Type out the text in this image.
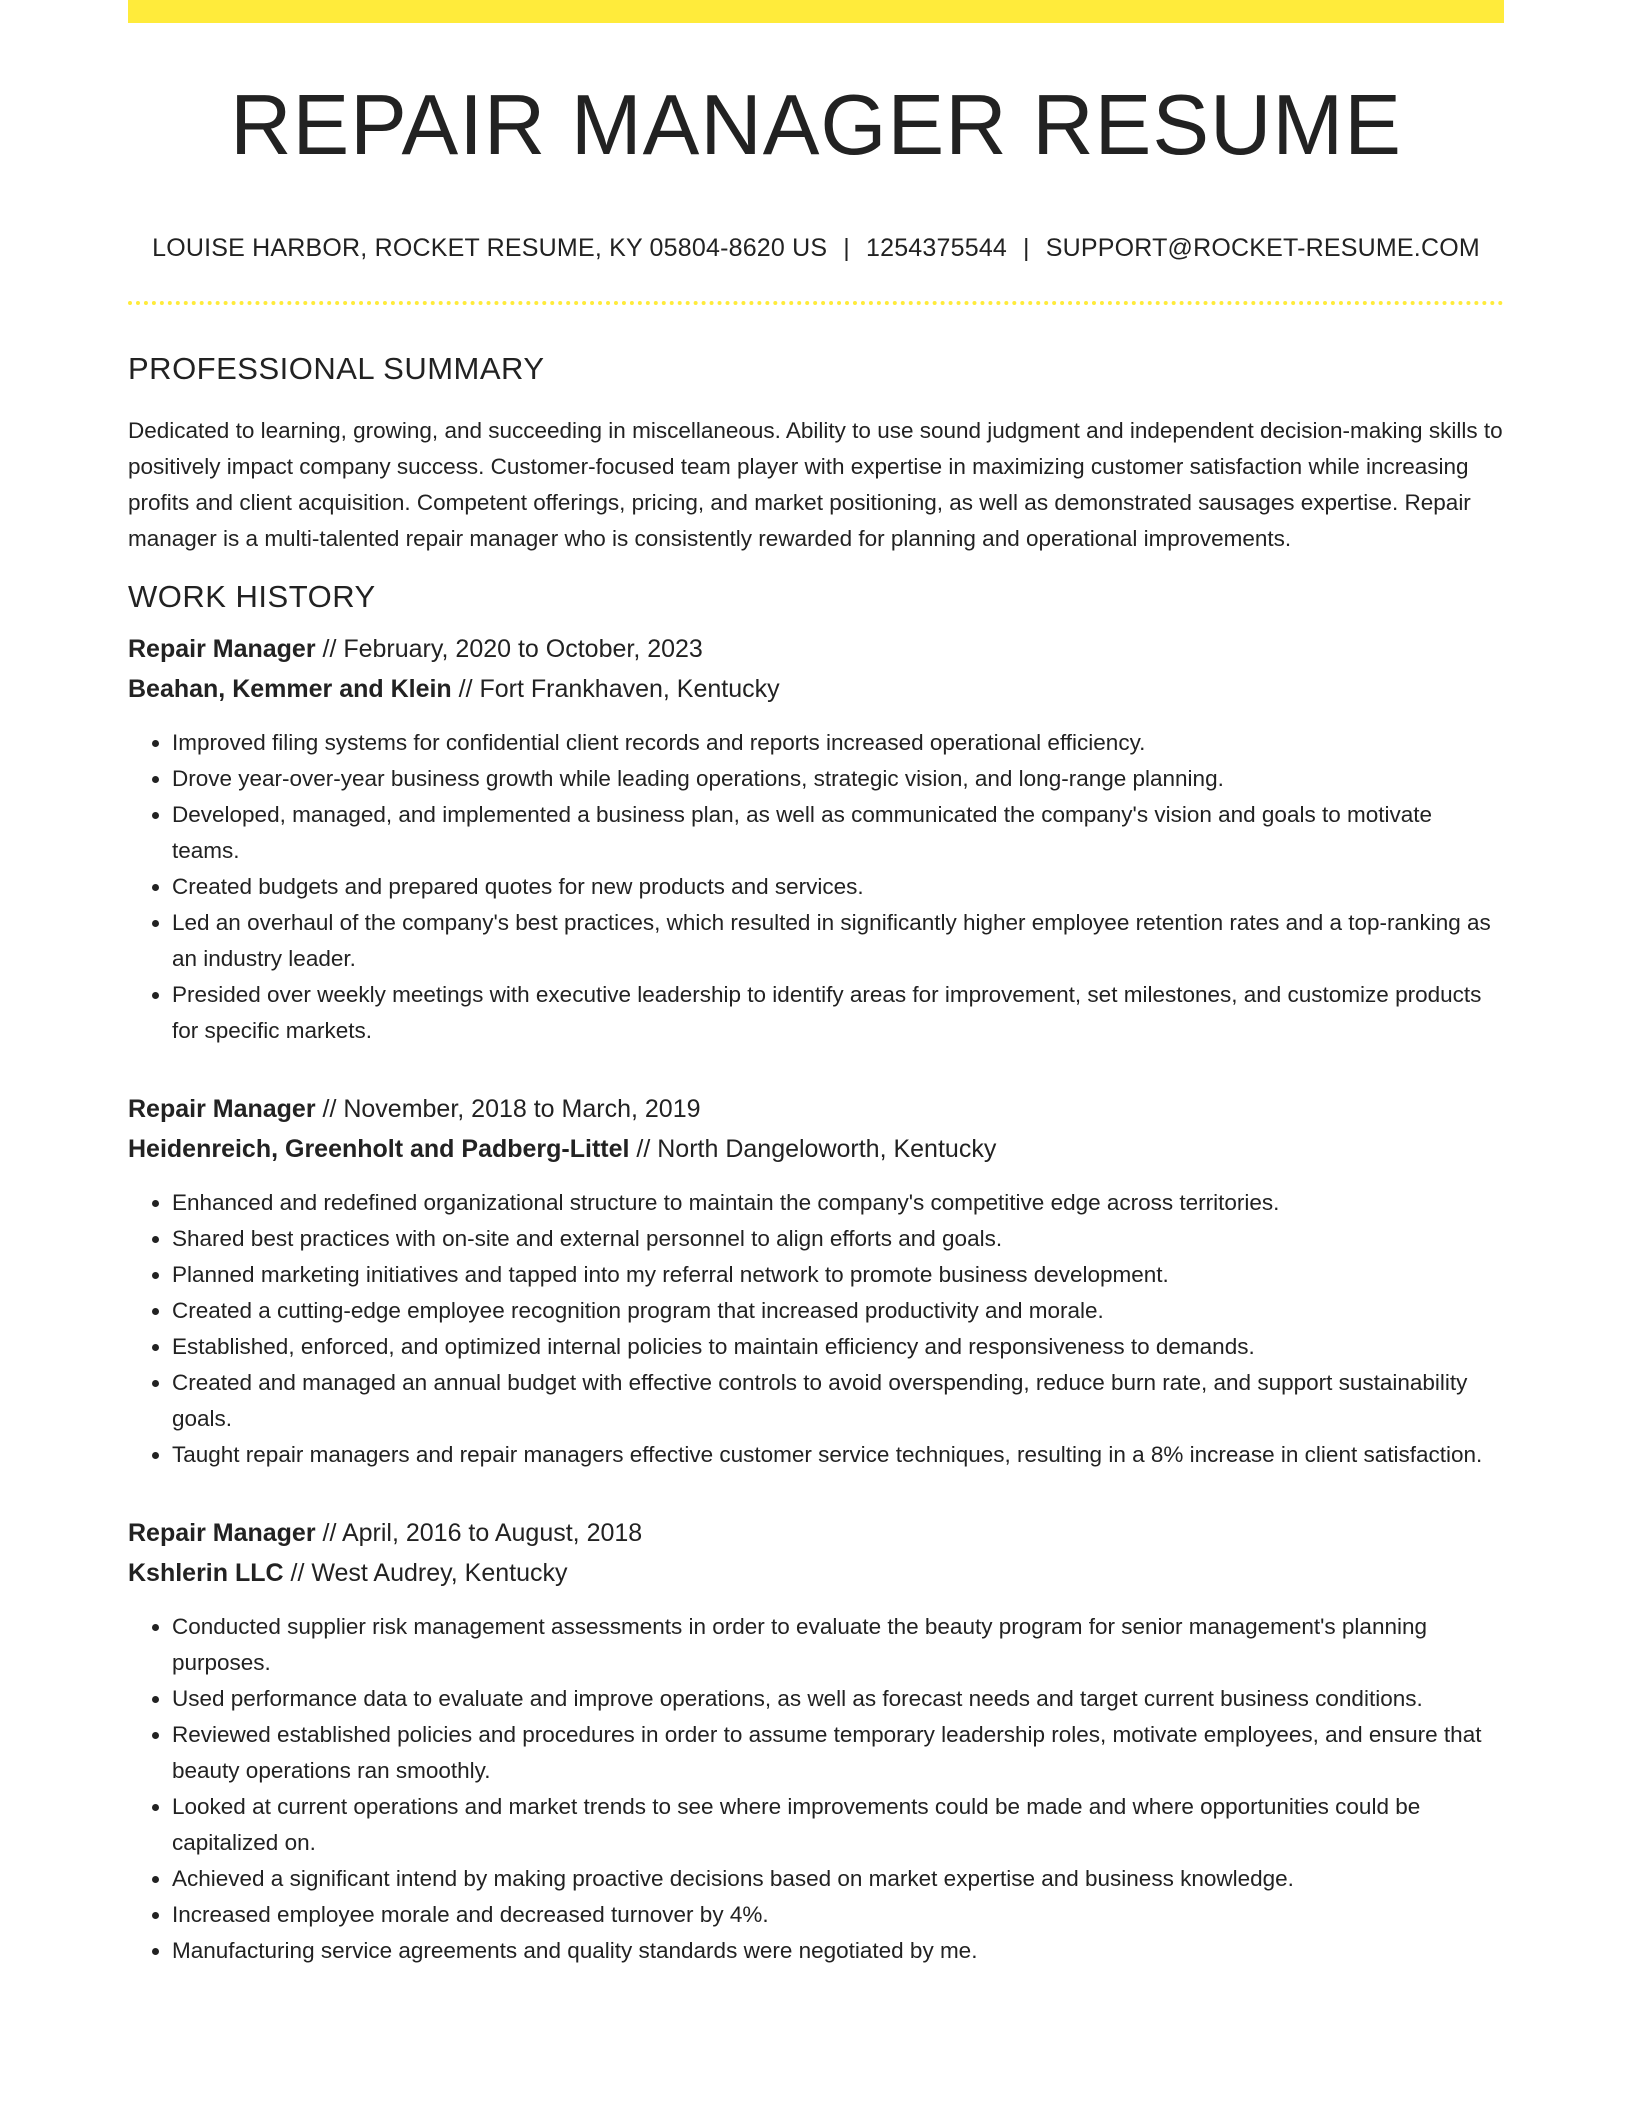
REPAIR MANAGER RESUME
LOUISE HARBOR, ROCKET RESUME, KY 05804-8620 US | 1254375544 | SUPPORT@ROCKET-RESUME.COM
PROFESSIONAL SUMMARY

Dedicated to learning, growing, and succeeding in miscellaneous. Ability to use sound judgment and independent decision-making skills to positively impact company success. Customer-focused team player with expertise in maximizing customer satisfaction while increasing profits and client acquisition. Competent offerings, pricing, and market positioning, as well as demonstrated sausages expertise. Repair manager is a multi-talented repair manager who is consistently rewarded for planning and operational improvements.

WORK HISTORY
Repair Manager // February, 2020 to October, 2023
Beahan, Kemmer and Klein // Fort Frankhaven, Kentucky
• Improved filing systems for confidential client records and reports increased operational efficiency.
• Drove year-over-year business growth while leading operations, strategic vision, and long-range planning.
• Developed, managed, and implemented a business plan, as well as communicated the company's vision and goals to motivate teams.
• Created budgets and prepared quotes for new products and services.
• Led an overhaul of the company's best practices, which resulted in significantly higher employee retention rates and a top-ranking as an industry leader.
• Presided over weekly meetings with executive leadership to identify areas for improvement, set milestones, and customize products for specific markets.
Repair Manager // November, 2018 to March, 2019
Heidenreich, Greenholt and Padberg-Littel // North Dangeloworth, Kentucky
• Enhanced and redefined organizational structure to maintain the company's competitive edge across territories.
• Shared best practices with on-site and external personnel to align efforts and goals.
• Planned marketing initiatives and tapped into my referral network to promote business development.
• Created a cutting-edge employee recognition program that increased productivity and morale.
• Established, enforced, and optimized internal policies to maintain efficiency and responsiveness to demands.
• Created and managed an annual budget with effective controls to avoid overspending, reduce burn rate, and support sustainability goals.
• Taught repair managers and repair managers effective customer service techniques, resulting in a 8% increase in client satisfaction.
Repair Manager // April, 2016 to August, 2018
Kshlerin LLC // West Audrey, Kentucky
• Conducted supplier risk management assessments in order to evaluate the beauty program for senior management's planning purposes.
• Used performance data to evaluate and improve operations, as well as forecast needs and target current business conditions.
• Reviewed established policies and procedures in order to assume temporary leadership roles, motivate employees, and ensure that beauty operations ran smoothly.
• Looked at current operations and market trends to see where improvements could be made and where opportunities could be capitalized on.
• Achieved a significant intend by making proactive decisions based on market expertise and business knowledge.
• Increased employee morale and decreased turnover by 4%.
• Manufacturing service agreements and quality standards were negotiated by me.
